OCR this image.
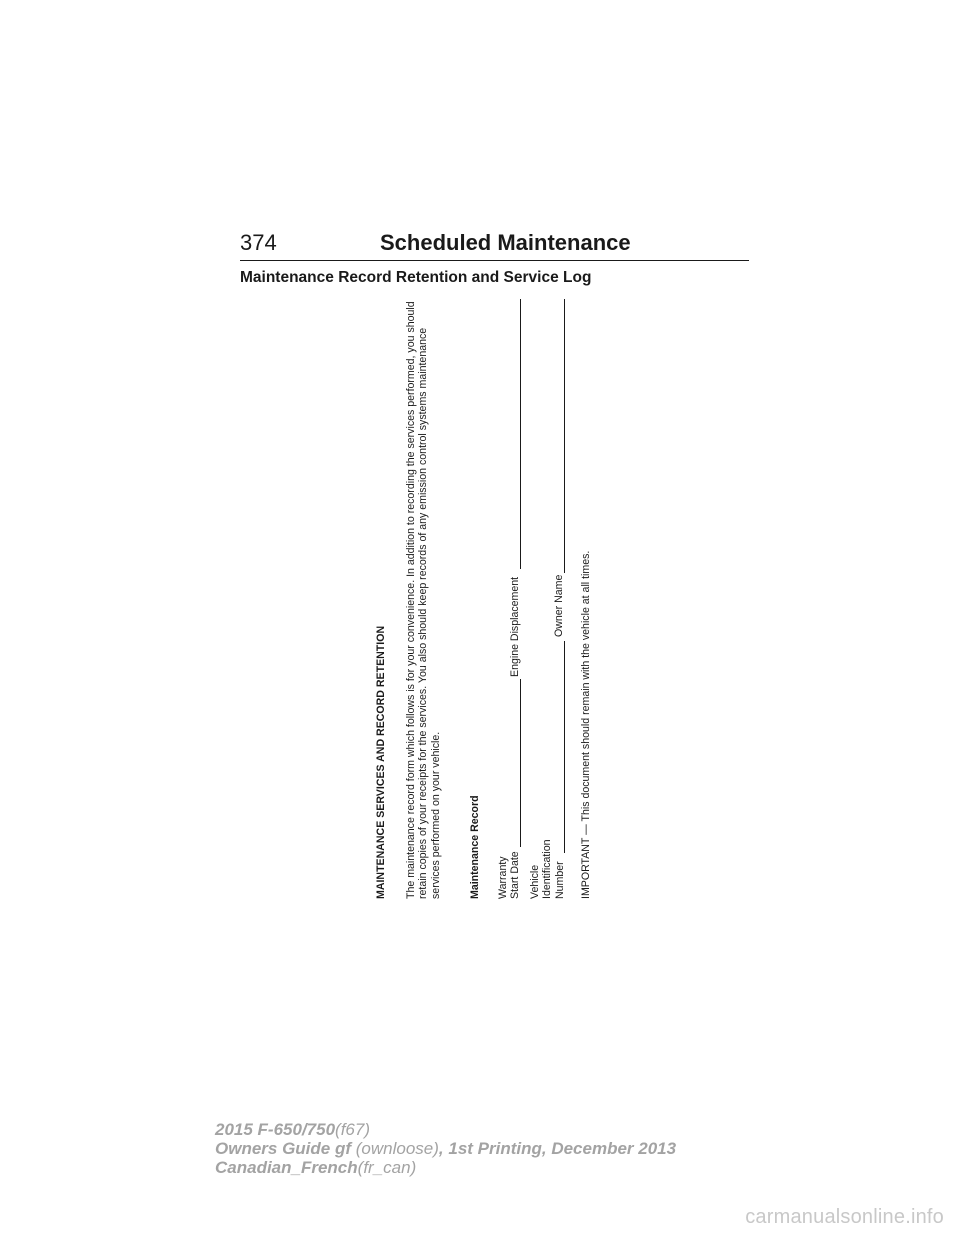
374	Scheduled Maintenance
Maintenance Record Retention and Service Log
MAINTENANCE SERVICES AND RECORD RETENTION The maintenance record form which follows is for your convenience. In addition to recording the services performed, you should retain copies of your receipts for the services. You also should keep records of any emission control systems maintenance services performed on your vehicle.	Maintenance Record Warranty Start Date
Engine Displacement
Vehicle Identification Number
Owner Name IMPORTANT — This document should remain with the vehicle at all times.
2015 F-650/750(f67)
Owners Guide gf (ownloose), 1st Printing, December 2013
Canadian_French(fr_can)
carmanualsonline.info
